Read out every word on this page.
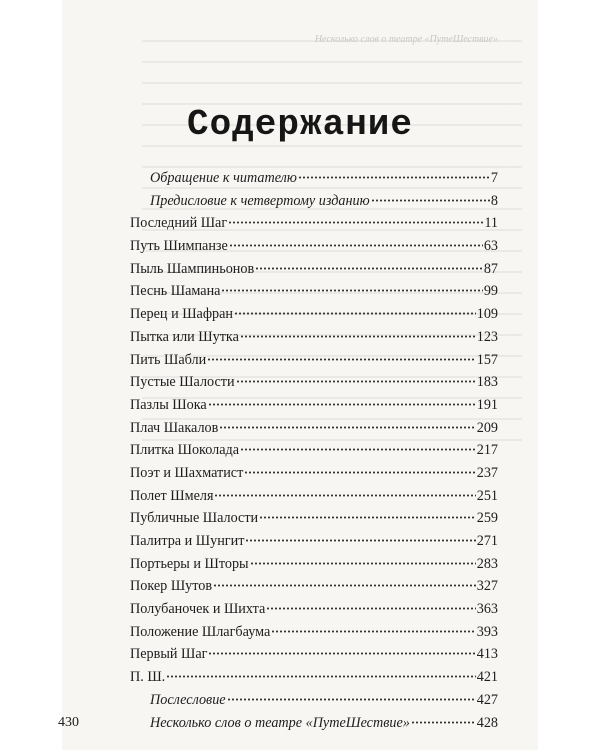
Несколько слов о театре «ПутеШествие»
Содержание
Обращение к читателю	7
Предисловие к четвертому изданию	8
Последний Шаг	11
Путь Шимпанзе	63
Пыль Шампиньонов	87
Песнь Шамана	99
Перец и Шафран	109
Пытка или Шутка	123
Пить Шабли	157
Пустые Шалости	183
Пазлы Шока	191
Плач Шакалов	209
Плитка Шоколада	217
Поэт и Шахматист	237
Полет Шмеля	251
Публичные Шалости	259
Палитра и Шунгит	271
Портьеры и Шторы	283
Покер Шутов	327
Полубаночек и Шихта	363
Положение Шлагбаума	393
Первый Шаг	413
П. Ш.	421
Послесловие	427
Несколько слов о театре «ПутеШествие»	428
430
